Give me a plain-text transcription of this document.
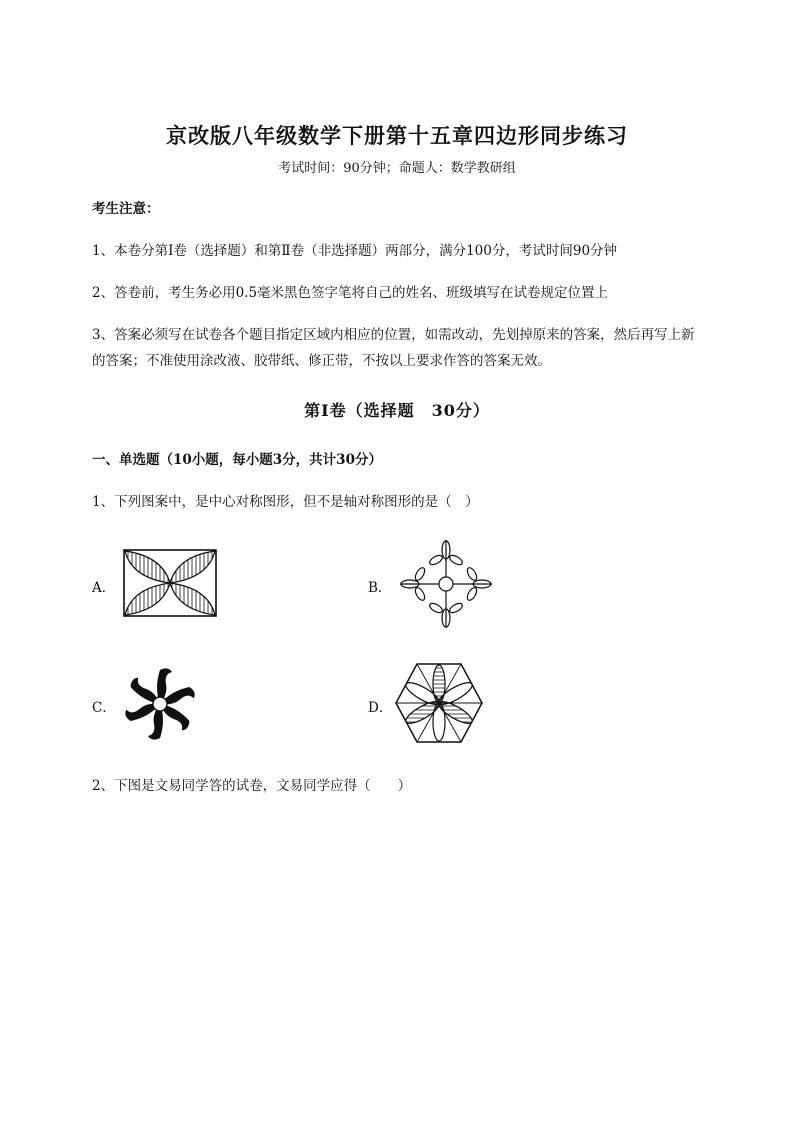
京改版八年级数学下册第十五章四边形同步练习
考试时间：90分钟；命题人：数学教研组
考生注意：
1、本卷分第I卷（选择题）和第Ⅱ卷（非选择题）两部分，满分100分，考试时间90分钟
2、答卷前，考生务必用0.5毫米黑色签字笔将自己的姓名、班级填写在试卷规定位置上
3、答案必须写在试卷各个题目指定区域内相应的位置，如需改动，先划掉原来的答案，然后再写上新
的答案；不准使用涂改液、胶带纸、修正带，不按以上要求作答的答案无效。
第I卷（选择题　30分）
一、单选题（10小题，每小题3分，共计30分）
1、下列图案中，是中心对称图形，但不是轴对称图形的是（　）
A．	B．
C．	D．
2、下图是文易同学答的试卷，文易同学应得（　　）
